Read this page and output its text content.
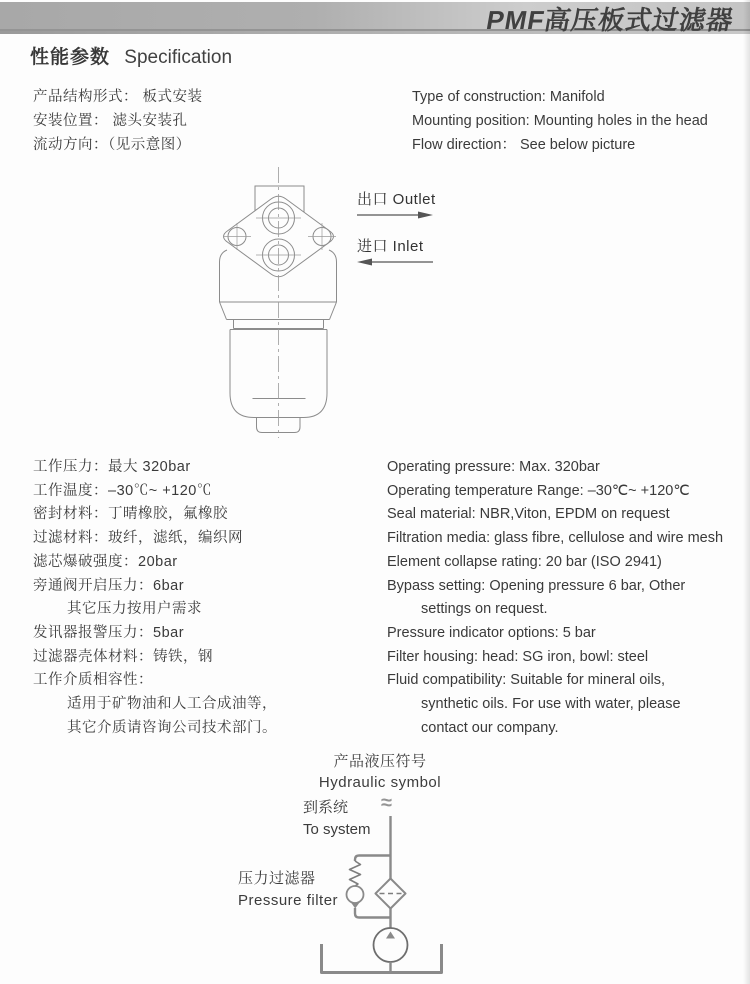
PMF高压板式过滤器
性能参数 Specification
产品结构形式： 板式安装
安装位置： 滤头安装孔
流动方向：（见示意图）
Type of construction: Manifold
Mounting position: Mounting holes in the head
Flow direction： See below picture
出口 Outlet
进口 Inlet
工作压力：最大 320bar
工作温度：–30℃~ +120℃
密封材料：丁晴橡胶，氟橡胶
过滤材料：玻纤，滤纸，编织网
滤芯爆破强度：20bar
旁通阀开启压力：6bar
其它压力按用户需求
发讯器报警压力：5bar
过滤器壳体材料：铸铁，钢
工作介质相容性：
适用于矿物油和人工合成油等，
其它介质请咨询公司技术部门。
Operating pressure: Max. 320bar
Operating temperature Range: –30℃~ +120℃
Seal material: NBR,Viton, EPDM on request
Filtration media: glass fibre, cellulose and wire mesh
Element collapse rating: 20 bar (ISO 2941)
Bypass setting: Opening pressure 6 bar, Other
settings on request.
Pressure indicator options: 5 bar
Filter housing: head: SG iron, bowl: steel
Fluid compatibility: Suitable for mineral oils,
synthetic oils. For use with water, please
contact our company.
产品液压符号
Hydraulic symbol
到系统
To system
≈
压力过滤器
Pressure filter
